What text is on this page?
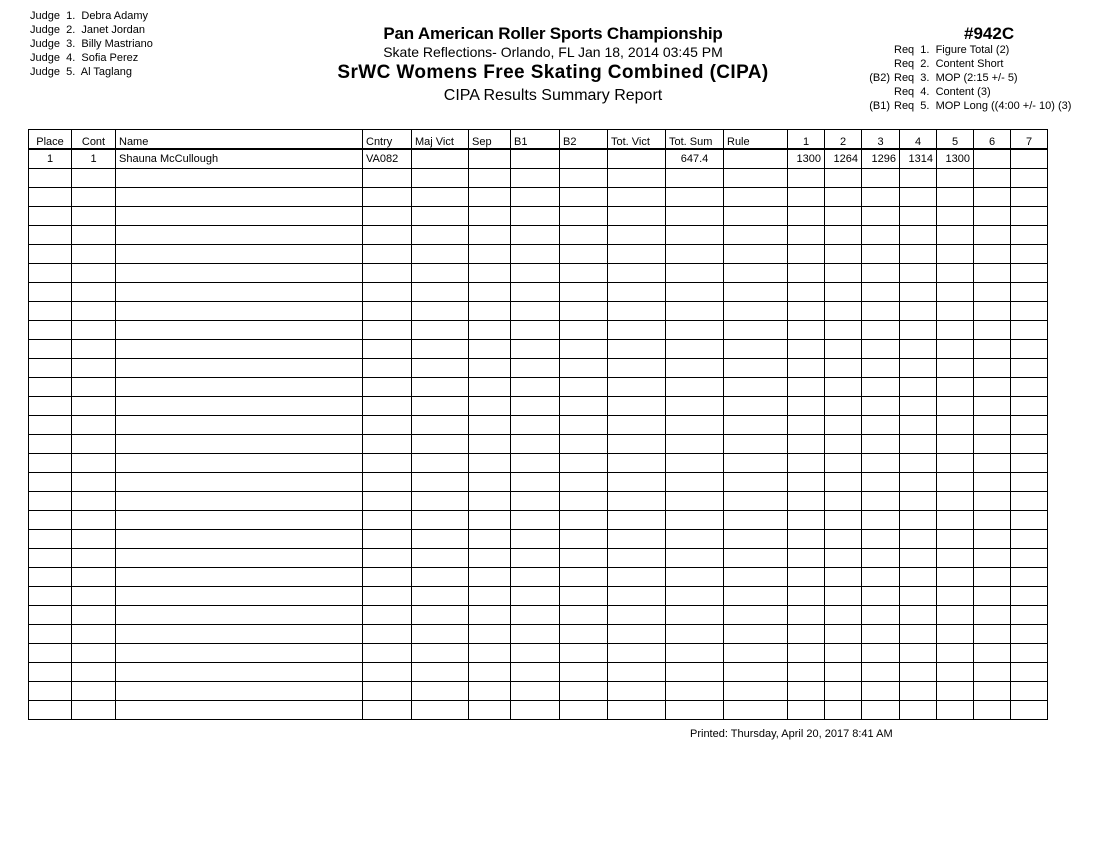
Judge  1.  Debra Adamy
Judge  2.  Janet Jordan
Judge  3.  Billy Mastriano
Judge  4.  Sofia Perez
Judge  5.  Al Taglang
Pan American Roller Sports Championship
Skate Reflections- Orlando, FL Jan 18, 2014 03:45 PM
SrWC Womens Free Skating Combined (CIPA)
CIPA Results Summary Report
#942C
Req  1.  Figure Total (2)
Req  2.  Content Short
(B2) Req  3.  MOP (2:15 +/- 5)
Req  4.  Content (3)
(B1) Req  5.  MOP Long ((4:00 +/- 10) (3)
Place	Cont	Name	Cntry	Maj Vict	Sep	B1	B2	Tot. Vict	Tot. Sum	Rule	1	2	3	4	5	6	7
1	1	Shauna McCullough	VA082						647.4		1300	1264	1296	1314	1300		

Printed: Thursday, April 20, 2017 8:41 AM
